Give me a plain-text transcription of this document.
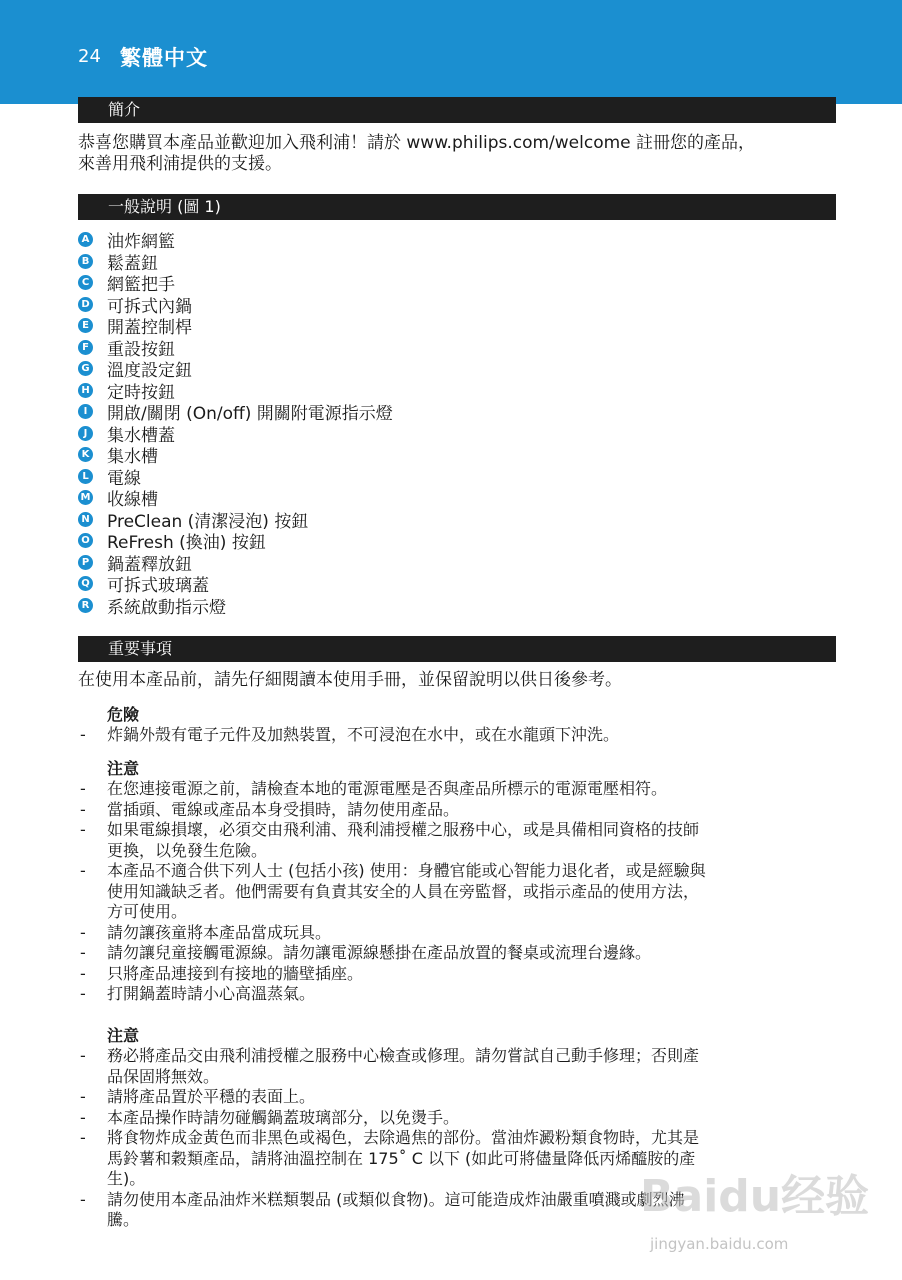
24 繁體中文
簡介

恭喜您購買本產品並歡迎加入飛利浦！請於 www.philips.com/welcome 註冊您的產品，
來善用飛利浦提供的支援。

一般說明 (圖 1)
A 油炸網籃
B 鬆蓋鈕
C 網籃把手
D 可拆式內鍋
E 開蓋控制桿
F 重設按鈕
G 溫度設定鈕
H 定時按鈕
I	開啟/關閉 (On/off) 開關附電源指示燈
J	集水槽蓋
K 集水槽
L 電線
M 收線槽
N PreClean (清潔浸泡) 按鈕
O ReFresh (換油) 按鈕
P 鍋蓋釋放鈕
Q 可拆式玻璃蓋
R 系統啟動指示燈
重要事項

在使用本產品前，請先仔細閱讀本使用手冊，並保留說明以供日後參考。

危險
- 炸鍋外殼有電子元件及加熱裝置，不可浸泡在水中，或在水龍頭下沖洗。
注意
- 在您連接電源之前，請檢查本地的電源電壓是否與產品所標示的電源電壓相符。
- 當插頭、電線或產品本身受損時，請勿使用產品。
- 如果電線損壞，必須交由飛利浦、飛利浦授權之服務中心，或是具備相同資格的技師
更換，以免發生危險。
- 本產品不適合供下列人士 (包括小孩) 使用：身體官能或心智能力退化者，或是經驗與
使用知識缺乏者。他們需要有負責其安全的人員在旁監督，或指示產品的使用方法，
方可使用。
- 請勿讓孩童將本產品當成玩具。
- 請勿讓兒童接觸電源線。請勿讓電源線懸掛在產品放置的餐桌或流理台邊緣。
- 只將產品連接到有接地的牆壁插座。
- 打開鍋蓋時請小心高溫蒸氣。
注意
- 務必將產品交由飛利浦授權之服務中心檢查或修理。請勿嘗試自己動手修理；否則產
品保固將無效。
- 請將產品置於平穩的表面上。
- 本產品操作時請勿碰觸鍋蓋玻璃部分，以免燙手。
- 將食物炸成金黃色而非黑色或褐色，去除過焦的部份。當油炸澱粉類食物時，尤其是
馬鈴薯和穀類產品，請將油溫控制在 175˚ C 以下 (如此可將儘量降低丙烯醯胺的產
生)。
- 請勿使用本產品油炸米糕類製品 (或類似食物)。這可能造成炸油嚴重噴濺或劇烈沸
騰。	Baidu经验
jingyan.baidu.com
